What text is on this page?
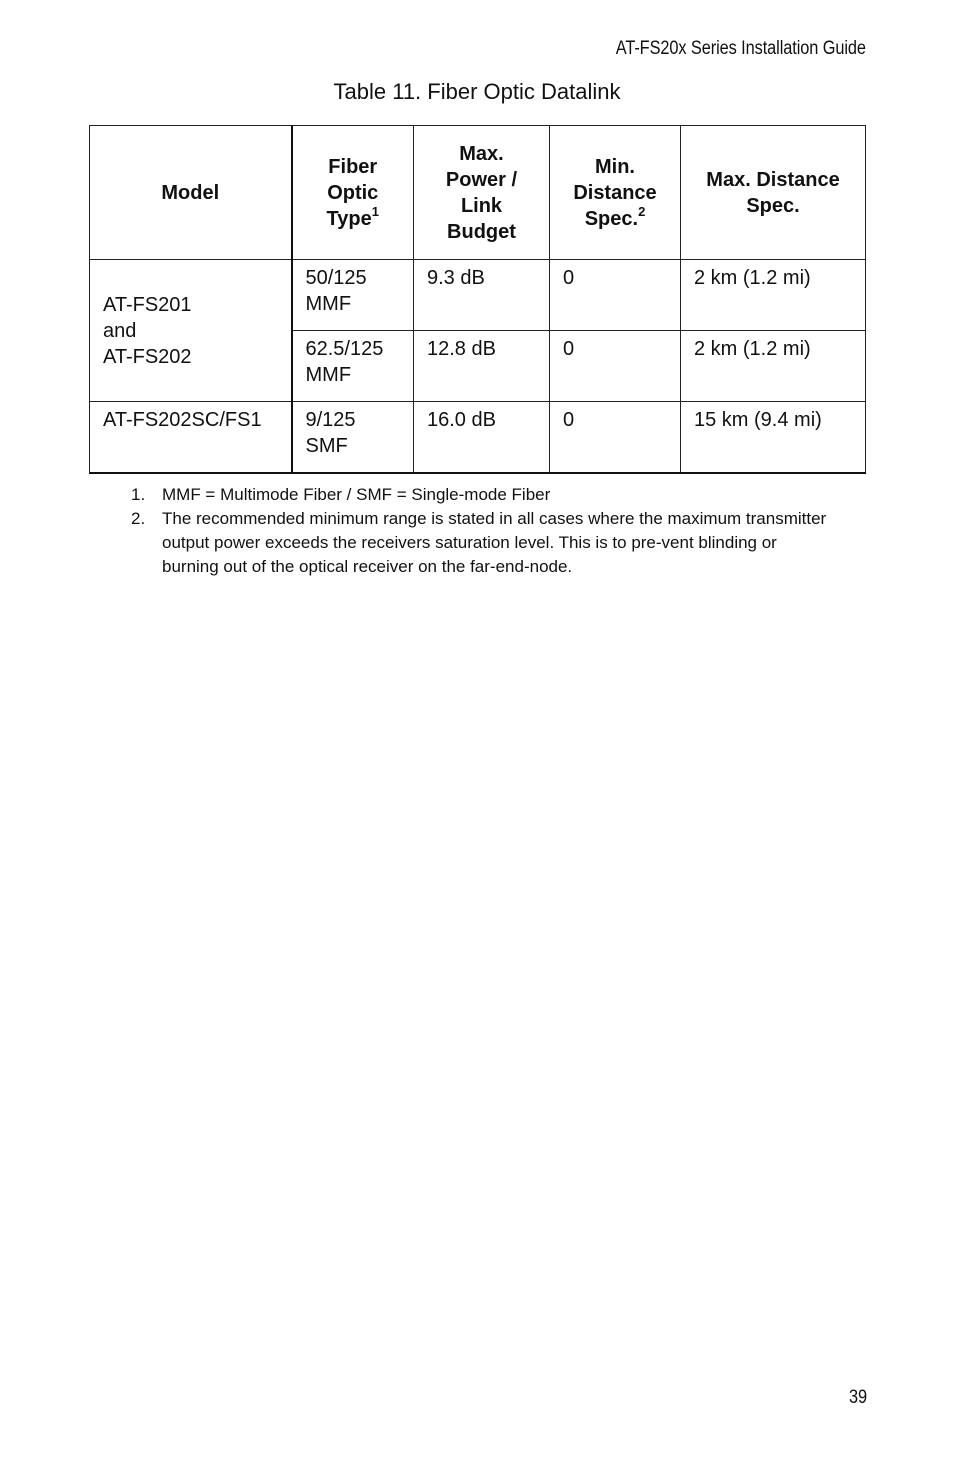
AT-FS20x Series Installation Guide
Table 11. Fiber Optic Datalink
Model	Fiber Optic Type$^1$	Max. Power / Link Budget	Min. Distance Spec.$^2$	Max. Distance Spec.

AT-FS201
and
AT-FS202	50/125 MMF	9.3 dB	0	2 km (1.2 mi)
	62.5/125 MMF	12.8 dB	0	2 km (1.2 mi)

AT-FS202SC/FS1	9/125 SMF	16.0 dB	0	15 km (9.4 mi)
1. MMF = Multimode Fiber / SMF = Single-mode Fiber
2. The recommended minimum range is stated in all cases where the maximum transmitter output power exceeds the receivers saturation level. This is to pre-vent blinding or burning out of the optical receiver on the far-end-node.
39
